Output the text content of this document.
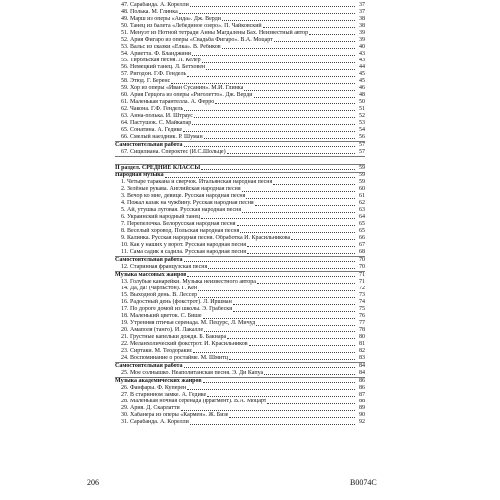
47. Сарабанда. А. Корелли	37
48. Полька. М. Глинка	37
49. Марш из оперы «Аида». Дж. Верди	38
50. Танец из балета «Лебединое озеро». П. Чайковский	38
51. Менуэт из Нотной тетради Анны Магдалены Бах. Неизвестный автор	39
52. Ария Фигаро из оперы «Свадьба Фигаро». В.А. Моцарт	39
53. Вальс из сказки «Ёлка». В. Ребиков	40
54. Ариетта. Ф. Бланджини	43
55. Тирольская песня. Л. Келер	43
56. Немецкий танец. Л. Бетховен	44
57. Ригодон. Г.Ф. Гендель	45
58. Этюд. Г. Беренс	45
59. Хор из оперы «Иван Сусанин». М.И. Глинка	46
60. Ария Герцога из оперы «Риголетто». Дж. Верди	48
61. Маленькая тарантелла. А. Ферро	50
62. Чакона. Г.Ф. Гендель	51
63. Анна-полька. И. Штраус	52
64. Пастушок. С. Майкапар	53
65. Сонатина. А. Гедике	54
66. Смелый наездник. Р. Шуман	56
Самостоятельная работа	57
67. Сицилиана. Спероктес (И.С.Шольце)	57
II раздел. СРЕДНИЕ КЛАССЫ	59
Народная музыка	59
1. Четыре таракана и сверчок. Итальянская народная песня	59
2. Зелёные рукава. Английская народная песня	60
3. Вечор ко мне, девице. Русская народная песня	61
4. Пожал казак на чужбину. Русская народная песня	62
5. Ай, утушка луговая. Русская народная песня	63
6. Украинский народный танец	64
7. Перепелочка. Белорусская народная песня	65
8. Веселый хоровод. Польская народная песня	65
9. Калинка. Русская народная песня. Обработка И. Красильникова	66
10. Как у наших у ворот. Русская народная песня	67
11. Сама садик я садила. Русская народная песня	68
Самостоятельная работа	70
12. Старинная французская песня	70
Музыка массовых жанров	71
13. Голубые канарейки. Музыка неизвестного автора	71
14. Да, да! (чарльстон). Г. Кен	72
15. Выходной день. В. Лессер	73
16. Радостный день (фокстрот). Л. Иршман	74
17. По дороге домой из школы. Э. Грабески	75
18. Маленький цветок. С. Бише	76
19. Утренняя птичья серенада. М. Пецурс, Л. Мичуд	77
20. Амаполя (танго). И. Лакалле	78
21. Грустные капельки дождя. Б. Бакнара	80
22. Меланхолический фокстрот. И. Красильников	81
23. Сиртаки. М. Теодоракис	82
24. Воспоминание о ростайме. М. Шмитц	83
Самостоятельная работа	84
25. Мое солнышко. Неаполитанская песня. Э. Ди Капуа	84
Музыка академических жанров	86
26. Фанфары. Ф. Куперен	86
27. В старинном замке. А. Гедике	87
28. Маленькая ночная серенада (фрагмент). В.А. Моцарт	88
29. Ария. Д. Скарлатти	89
30. Хабанера из оперы «Кармен». Ж. Бизе	90
31. Сарабанда. А. Корелли	92
206	B0074C
